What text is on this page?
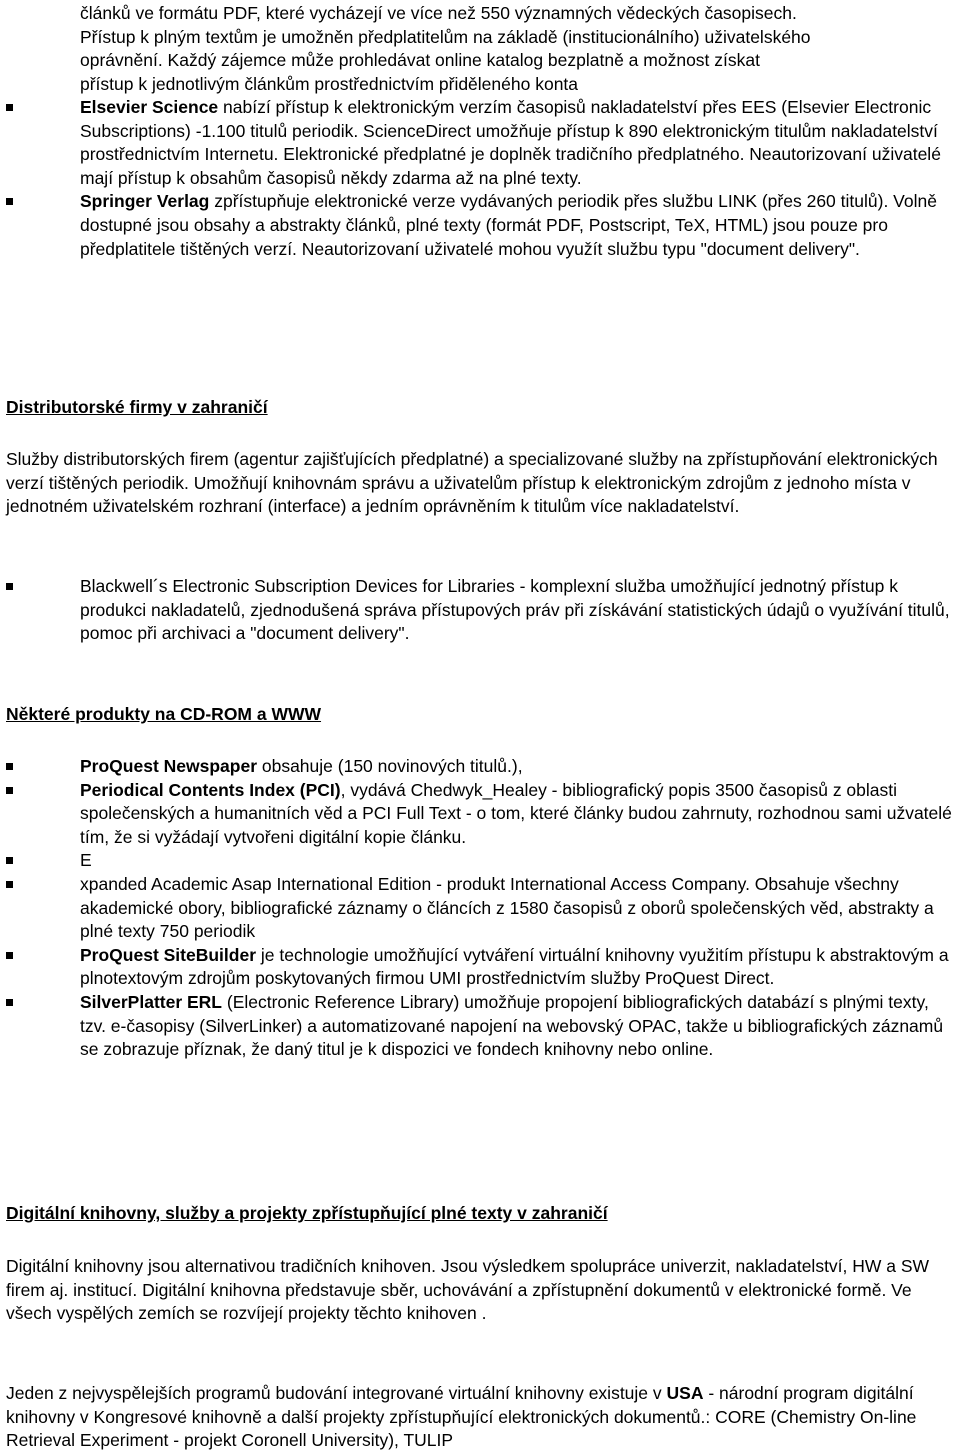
článků ve formátu PDF, které vycházejí ve více než 550 významných vědeckých časopisech.
Přístup k plným textům je umožněn předplatitelům na základě (institucionálního) uživatelského
oprávnění. Každý zájemce může prohledávat online katalog bezplatně a možnost získat
přístup k jednotlivým článkům prostřednictvím přiděleného konta
Elsevier Science nabízí přístup k elektronickým verzím časopisů nakladatelství přes EES (Elsevier Electronic Subscriptions) -1.100 titulů periodik. ScienceDirect umožňuje přístup k 890 elektronickým titulům nakladatelství prostřednictvím Internetu. Elektronické předplatné je doplněk tradičního předplatného. Neautorizovaní uživatelé mají přístup k obsahům časopisů někdy zdarma až na plné texty.
Springer Verlag zpřístupňuje elektronické verze vydávaných periodik přes službu LINK (přes 260 titulů). Volně dostupné jsou obsahy a abstrakty článků, plné texty (formát PDF, Postscript, TeX, HTML) jsou pouze pro předplatitele tištěných verzí. Neautorizovaní uživatelé mohou využít službu typu "document delivery".
Distributorské firmy v zahraničí

Služby distributorských firem (agentur zajišťujících předplatné) a specializované služby na zpřístupňování elektronických verzí tištěných periodik. Umožňují knihovnám správu a uživatelům přístup k elektronickým zdrojům z jednoho místa v jednotném uživatelském rozhraní (interface) a jedním oprávněním k titulům více nakladatelství.

Blackwell´s Electronic Subscription Devices for Libraries - komplexní služba umožňující jednotný přístup k produkci nakladatelů, zjednodušená správa přístupových práv při získávání statistických údajů o využívání titulů, pomoc při archivaci a "document delivery".
Některé produkty na CD-ROM a WWW
ProQuest Newspaper obsahuje (150 novinových titulů.),
Periodical Contents Index (PCI), vydává Chedwyk_Healey - bibliografický popis 3500 časopisů z oblasti společenských a humanitních věd a PCI Full Text - o tom, které články budou zahrnuty, rozhodnou sami užvatelé tím, že si vyžádají vytvořeni digitální kopie článku.
E
xpanded Academic Asap International Edition - produkt International Access Company. Obsahuje všechny akademické obory, bibliografické záznamy o článcích z 1580 časopisů z oborů společenských věd, abstrakty a plné texty 750 periodik
ProQuest SiteBuilder je technologie umožňující vytváření virtuální knihovny využitím přístupu k abstraktovým a plnotextovým zdrojům poskytovaných firmou UMI prostřednictvím služby ProQuest Direct.
SilverPlatter ERL (Electronic Reference Library) umožňuje propojení bibliografických databází s plnými texty, tzv. e-časopisy (SilverLinker) a automatizované napojení na webovský OPAC, takže u bibliografických záznamů se zobrazuje příznak, že daný titul je k dispozici ve fondech knihovny nebo online.
Digitální knihovny, služby a projekty zpřístupňující plné texty v zahraničí

Digitální knihovny jsou alternativou tradičních knihoven. Jsou výsledkem spolupráce univerzit, nakladatelství, HW a SW firem aj. institucí. Digitální knihovna představuje sběr, uchovávání a zpřístupnění dokumentů v elektronické formě. Ve všech vyspělých zemích se rozvíjejí projekty těchto knihoven .

Jeden z nejvyspělejších programů budování integrované virtuální knihovny existuje v USA - národní program digitální knihovny v Kongresové knihovně a další projekty zpřístupňující elektronických dokumentů.: CORE (Chemistry On-line Retrieval Experiment - projekt Coronell University), TULIP
